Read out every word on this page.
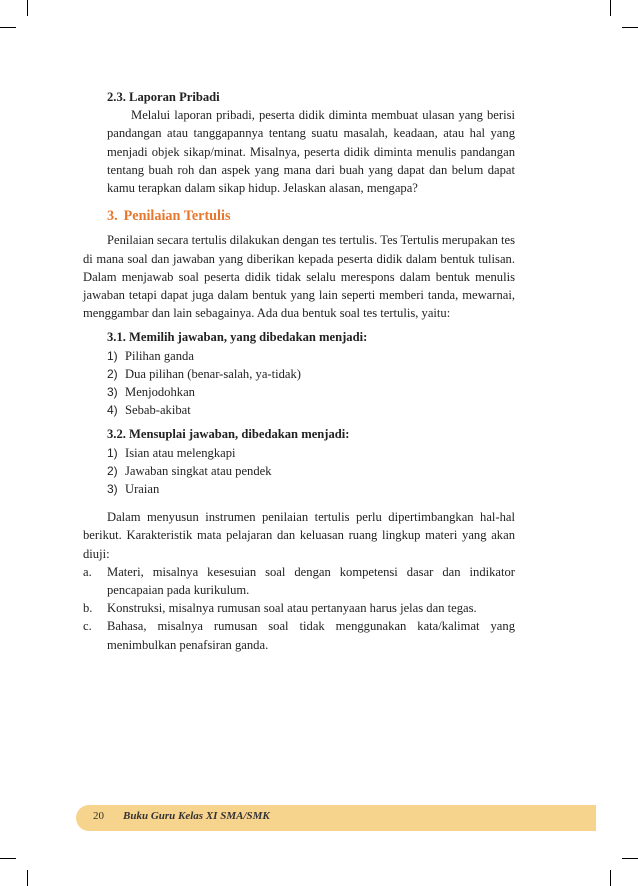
2.3. Laporan Pribadi
Melalui laporan pribadi, peserta didik diminta membuat ulasan yang berisi pandangan atau tanggapannya tentang suatu masalah, keadaan, atau hal yang menjadi objek sikap/minat. Misalnya, peserta didik diminta menulis pandangan tentang buah roh dan aspek yang mana dari buah yang dapat dan belum dapat kamu terapkan dalam sikap hidup. Jelaskan alasan, mengapa?
3. Penilaian Tertulis
Penilaian secara tertulis dilakukan dengan tes tertulis. Tes Tertulis merupakan tes di mana soal dan jawaban yang diberikan kepada peserta didik dalam bentuk tulisan. Dalam menjawab soal peserta didik tidak selalu merespons dalam bentuk menulis jawaban tetapi dapat juga dalam bentuk yang lain seperti memberi tanda, mewarnai, menggambar dan lain sebagainya. Ada dua bentuk soal tes tertulis, yaitu:
3.1. Memilih jawaban, yang dibedakan menjadi:
1) Pilihan ganda
2) Dua pilihan (benar-salah, ya-tidak)
3) Menjodohkan
4) Sebab-akibat
3.2. Mensuplai jawaban, dibedakan menjadi:
1) Isian atau melengkapi
2) Jawaban singkat atau pendek
3) Uraian
Dalam menyusun instrumen penilaian tertulis perlu dipertimbangkan hal-hal berikut. Karakteristik mata pelajaran dan keluasan ruang lingkup materi yang akan diuji:
a.	Materi, misalnya kesesuian soal dengan kompetensi dasar dan indikator pencapaian pada kurikulum.
b.	Konstruksi, misalnya rumusan soal atau pertanyaan harus jelas dan tegas.
c.	Bahasa, misalnya rumusan soal tidak menggunakan kata/kalimat yang menimbulkan penafsiran ganda.
20 Buku Guru Kelas XI SMA/SMK
